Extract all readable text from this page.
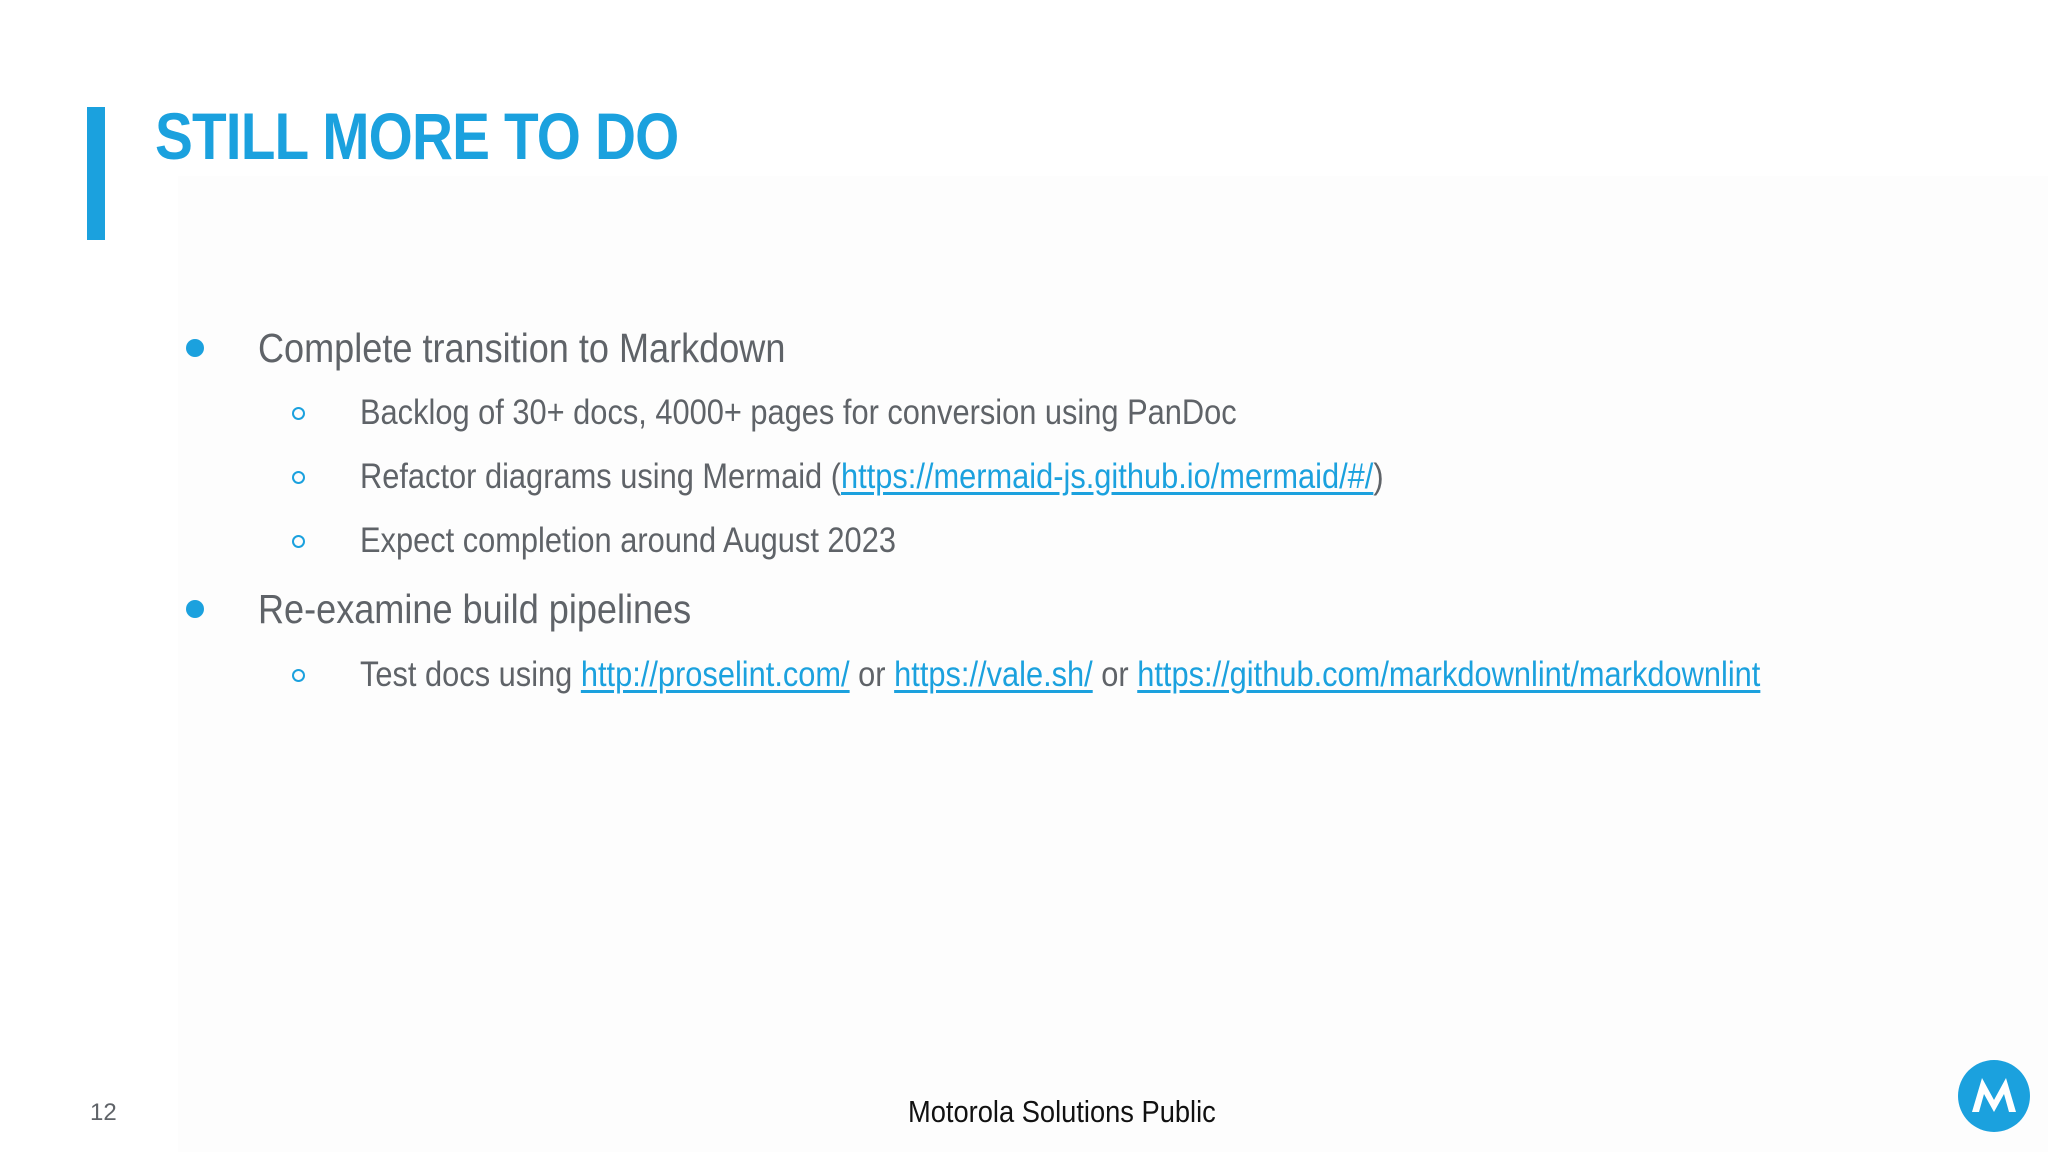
STILL MORE TO DO
Complete transition to Markdown
Backlog of 30+ docs, 4000+ pages for conversion using PanDoc
Refactor diagrams using Mermaid (https://mermaid-js.github.io/mermaid/#/)
Expect completion around August 2023
Re-examine build pipelines
Test docs using http://proselint.com/ or https://vale.sh/ or https://github.com/markdownlint/markdownlint
12	Motorola Solutions Public
